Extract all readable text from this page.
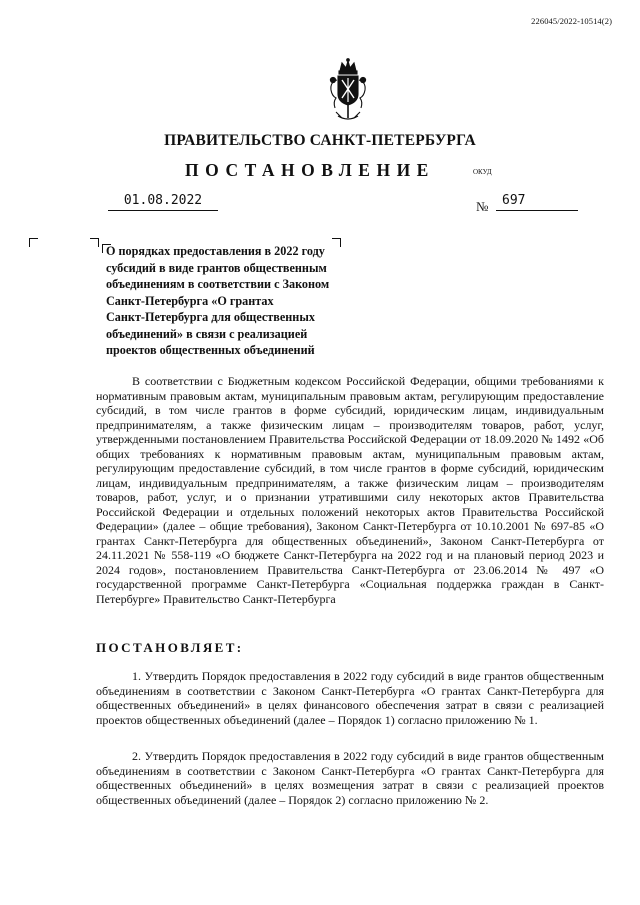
226045/2022-10514(2)
ПРАВИТЕЛЬСТВО САНКТ-ПЕТЕРБУРГА
ПОСТАНОВЛЕНИЕ	ОКУД
01.08.2022	№	697
О порядках предоставления в 2022 году
субсидий в виде грантов общественным
объединениям в соответствии с Законом
Санкт-Петербурга «О грантах
Санкт-Петербурга для общественных
объединений» в связи с реализацией
проектов общественных объединений

В соответствии с Бюджетным кодексом Российской Федерации, общими требованиями к нормативным правовым актам, муниципальным правовым актам, регулирующим предоставление субсидий, в том числе грантов в форме субсидий, юридическим лицам, индивидуальным предпринимателям, а также физическим лицам – производителям товаров, работ, услуг, утвержденными постановлением Правительства Российской Федерации от 18.09.2020 № 1492 «Об общих требованиях к нормативным правовым актам, муниципальным правовым актам, регулирующим предоставление субсидий, в том числе грантов в форме субсидий, юридическим лицам, индивидуальным предпринимателям, а также физическим лицам – производителям товаров, работ, услуг, и о признании утратившими силу некоторых актов Правительства Российской Федерации и отдельных положений некоторых актов Правительства Российской Федерации» (далее – общие требования), Законом Санкт-Петербурга от 10.10.2001 № 697-85 «О грантах Санкт-Петербурга для общественных объединений», Законом Санкт-Петербурга от 24.11.2021 № 558-119 «О бюджете Санкт-Петербурга на 2022 год и на плановый период 2023 и 2024 годов», постановлением Правительства Санкт-Петербурга от 23.06.2014 № 497 «О государственной программе Санкт-Петербурга «Социальная поддержка граждан в Санкт-Петербурге» Правительство Санкт-Петербурга

ПОСТАНОВЛЯЕТ:

1. Утвердить Порядок предоставления в 2022 году субсидий в виде грантов общественным объединениям в соответствии с Законом Санкт-Петербурга «О грантах Санкт-Петербурга для общественных объединений» в целях финансового обеспечения затрат в связи с реализацией проектов общественных объединений (далее – Порядок 1) согласно приложению № 1.

2. Утвердить Порядок предоставления в 2022 году субсидий в виде грантов общественным объединениям в соответствии с Законом Санкт-Петербурга «О грантах Санкт-Петербурга для общественных объединений» в целях возмещения затрат в связи с реализацией проектов общественных объединений (далее – Порядок 2) согласно приложению № 2.
